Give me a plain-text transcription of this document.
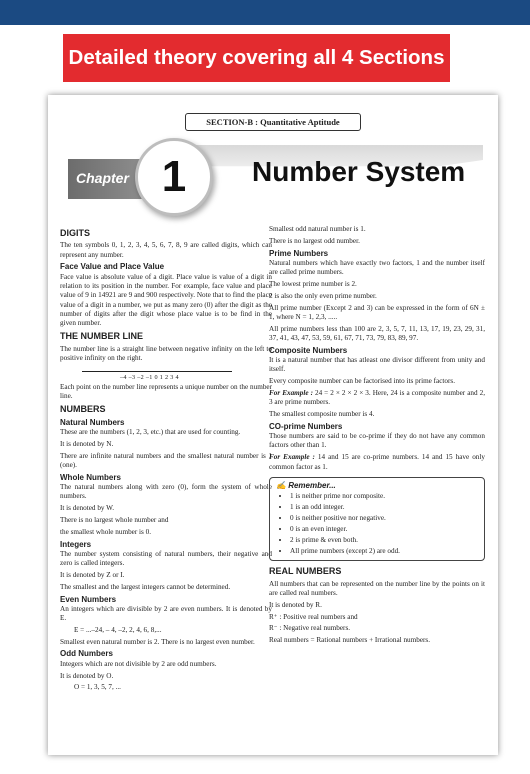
Detailed theory covering all 4 Sections
SECTION-B : Quantitative Aptitude
Chapter 1	Number System
DIGITS

The ten symbols 0, 1, 2, 3, 4, 5, 6, 7, 8, 9 are called digits, which can represent any number.

Face Value and Place Value

Face value is absolute value of a digit. Place value is value of a digit in relation to its position in the number. For example, face value and place value of 9 in 14921 are 9 and 900 respectively. Note that to find the place value of a digit in a number, we put as many zero (0) after the digit as the number of digits after the digit whose place value is to be find in the given number.

THE NUMBER LINE

The number line is a straight line between negative infinity on the left to positive infinity on the right.

–4 –3 –2 –1 0 1 2 3 4

Each point on the number line represents a unique number on the number line.

NUMBERS
Natural Numbers

These are the numbers (1, 2, 3, etc.) that are used for counting.

It is denoted by N.

There are infinite natural numbers and the smallest natural number is 1 (one).

Whole Numbers

The natural numbers along with zero (0), form the system of whole numbers.

It is denoted by W.

There is no largest whole number and

the smallest whole number is 0.

Integers

The number system consisting of natural numbers, their negative and zero is called integers.

It is denoted by Z or I.

The smallest and the largest integers cannot be determined.

Even Numbers

An integers which are divisible by 2 are even numbers. It is denoted by E.

E = ...–24, – 4, –2, 2, 4, 6, 8,...

Smallest even natural number is 2. There is no largest even number.

Odd Numbers

Integers which are not divisible by 2 are odd numbers.

It is denoted by O.

O = 1, 3, 5, 7, ...

Smallest odd natural number is 1.

There is no largest odd number.

Prime Numbers

Natural numbers which have exactly two factors, 1 and the number itself are called prime numbers.

The lowest prime number is 2.

2 is also the only even prime number.

All prime number (Except 2 and 3) can be expressed in the form of 6N ± 1, where N = 1, 2,3, .....

All prime numbers less than 100 are 2, 3, 5, 7, 11, 13, 17, 19, 23, 29, 31, 37, 41, 43, 47, 53, 59, 61, 67, 71, 73, 79, 83, 89, 97.

Composite Numbers

It is a natural number that has atleast one divisor different from unity and itself.

Every composite number can be factorised into its prime factors.

For Example : 24 = 2 × 2 × 2 × 3. Here, 24 is a composite number and 2, 3 are prime numbers.

The smallest composite number is 4.

CO-prime Numbers

Those numbers are said to be co-prime if they do not have any common factors other than 1.

For Example : 14 and 15 are co-prime numbers. 14 and 15 have only common factor as 1.

✍ Remember...
• 1 is neither prime nor composite.
• 1 is an odd integer.
• 0 is neither positive nor negative.
• 0 is an even integer.
• 2 is prime & even both.
• All prime numbers (except 2) are odd.
REAL NUMBERS

All numbers that can be represented on the number line by the points on it are called real numbers.

It is denoted by R.

R⁺ : Positive real numbers and

R⁻ : Negative real numbers.

Real numbers = Rational numbers + Irrational numbers.
